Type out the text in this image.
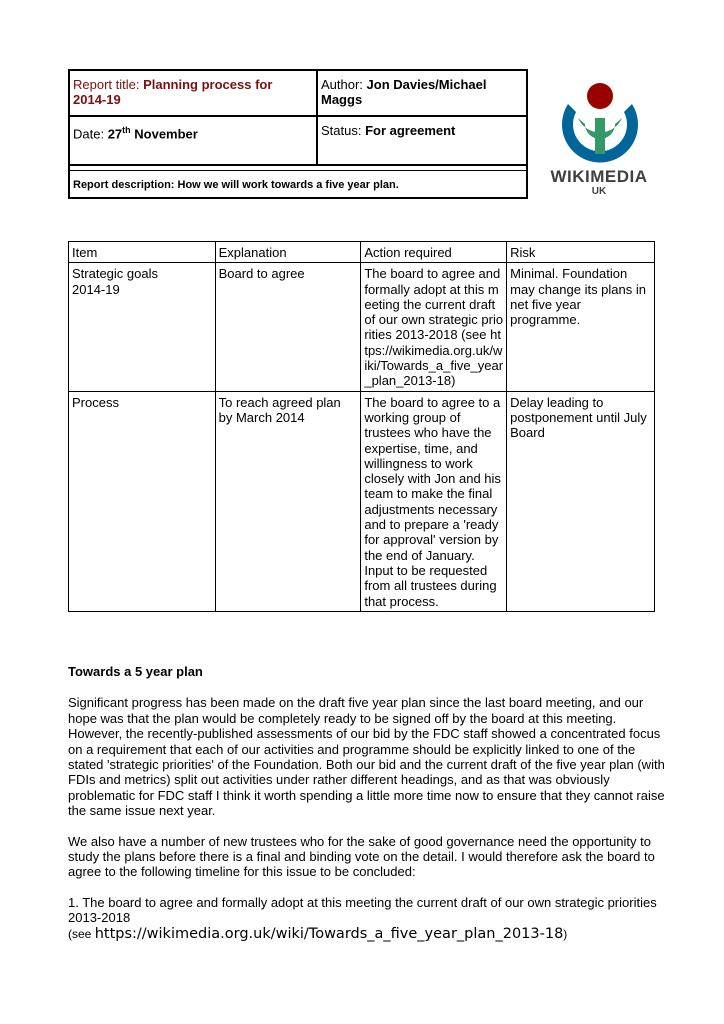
Report title: Planning process for
2014-19
Author: Jon Davies/Michael
Maggs
Date: 27th November	Status: For agreement
Report description: How we will work towards a five year plan.	WIKIMEDIA
UK
Item	Explanation	Action required	Risk
Strategic goals
2014-19	Board to agree	The board to agree and formally adopt at this meeting the current draft of our own strategic priorities 2013-2018 (see https://wikimedia.org.uk/wiki/Towards_a_five_year_plan_2013-18)	Minimal. Foundation may change its plans in net five year programme.
Process	To reach agreed plan by March 2014	The board to agree to a working group of trustees who have the expertise, time, and willingness to work closely with Jon and his team to make the final adjustments necessary and to prepare a 'ready for approval' version by the end of January. Input to be requested from all trustees during that process.	Delay leading to postponement until July Board

Towards a 5 year plan

Significant progress has been made on the draft five year plan since the last board meeting, and our hope was that the plan would be completely ready to be signed off by the board at this meeting. However, the recently-published assessments of our bid by the FDC staff showed a concentrated focus on a requirement that each of our activities and programme should be explicitly linked to one of the stated 'strategic priorities' of the Foundation. Both our bid and the current draft of the five year plan (with FDIs and metrics) split out activities under rather different headings, and as that was obviously problematic for FDC staff I think it worth spending a little more time now to ensure that they cannot raise the same issue next year.

We also have a number of new trustees who for the sake of good governance need the opportunity to study the plans before there is a final and binding vote on the detail. I would therefore ask the board to agree to the following timeline for this issue to be concluded:

1. The board to agree and formally adopt at this meeting the current draft of our own strategic priorities 2013-2018
(see https://wikimedia.org.uk/wiki/Towards_a_five_year_plan_2013-18)
